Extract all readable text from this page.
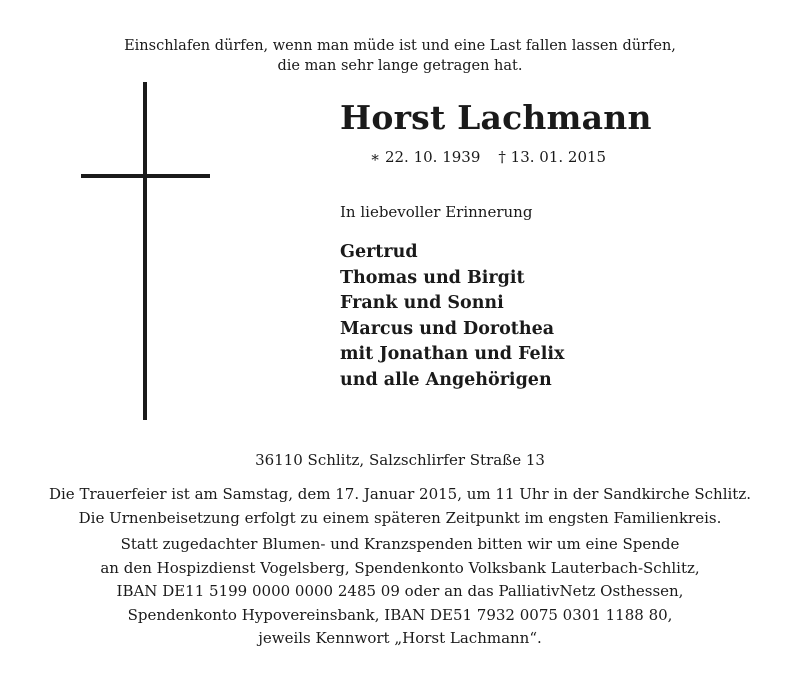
Einschlafen dürfen, wenn man müde ist und eine Last fallen lassen dürfen,
die man sehr lange getragen hat.
Horst Lachmann
∗ 22. 10. 1939 † 13. 01. 2015
In liebevoller Erinnerung
Gertrud
Thomas und Birgit
Frank und Sonni
Marcus und Dorothea
mit Jonathan und Felix
und alle Angehörigen
36110 Schlitz, Salzschlirfer Straße 13
Die Trauerfeier ist am Samstag, dem 17. Januar 2015, um 11 Uhr in der Sandkirche Schlitz.
Die Urnenbeisetzung erfolgt zu einem späteren Zeitpunkt im engsten Familienkreis.
Statt zugedachter Blumen- und Kranzspenden bitten wir um eine Spende
an den Hospizdienst Vogelsberg, Spendenkonto Volksbank Lauterbach-Schlitz,
IBAN DE11 5199 0000 0000 2485 09 oder an das PalliativNetz Osthessen,
Spendenkonto Hypovereinsbank, IBAN DE51 7932 0075 0301 1188 80,
jeweils Kennwort „Horst Lachmann“.
